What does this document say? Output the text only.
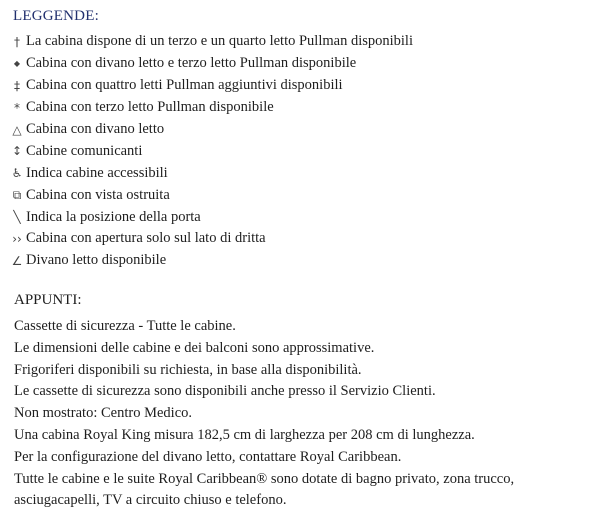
LEGGENDE:
† La cabina dispone di un terzo e un quarto letto Pullman disponibili
◆ Cabina con divano letto e terzo letto Pullman disponibile
‡ Cabina con quattro letti Pullman aggiuntivi disponibili
* Cabina con terzo letto Pullman disponibile
△ Cabina con divano letto
↕ Cabine comunicanti
♿ Indica cabine accessibili
⧉ Cabina con vista ostruita
╲ Indica la posizione della porta
›› Cabina con apertura solo sul lato di dritta
∠ Divano letto disponibile
APPUNTI:
Cassette di sicurezza - Tutte le cabine.
Le dimensioni delle cabine e dei balconi sono approssimative.
Frigoriferi disponibili su richiesta, in base alla disponibilità.
Le cassette di sicurezza sono disponibili anche presso il Servizio Clienti.
Non mostrato: Centro Medico.
Una cabina Royal King misura 182,5 cm di larghezza per 208 cm di lunghezza.
Per la configurazione del divano letto, contattare Royal Caribbean.
Tutte le cabine e le suite Royal Caribbean® sono dotate di bagno privato, zona trucco,
asciugacapelli, TV a circuito chiuso e telefono.
